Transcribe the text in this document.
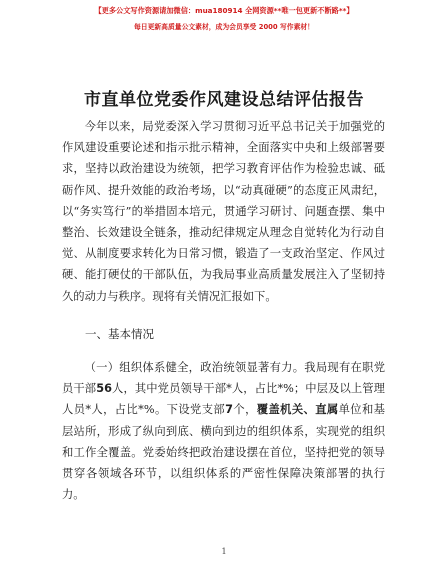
【更多公文写作资源请加微信：mua180914 全网资源**唯一包更新不断路**】
每日更新高质量公文素材，成为会员享受 2000 写作素材！
市直单位党委作风建设总结评估报告

今年以来，局党委深入学习贯彻习近平总书记关于加强党的作风建设重要论述和指示批示精神，全面落实中央和上级部署要求，坚持以政治建设为统领，把学习教育评估作为检验忠诚、砥砺作风、提升效能的政治考场，以“动真碰硬”的态度正风肃纪，以“务实笃行”的举措固本培元，贯通学习研讨、问题查摆、集中整治、长效建设全链条，推动纪律规定从理念自觉转化为行动自觉、从制度要求转化为日常习惯，锻造了一支政治坚定、作风过硬、能打硬仗的干部队伍，为我局事业高质量发展注入了坚韧持久的动力与秩序。现将有关情况汇报如下。

一、基本情况

（一）组织体系健全，政治统领显著有力。我局现有在职党员干部56人，其中党员领导干部*人，占比*%；中层及以上管理人员*人，占比*%。下设党支部7个，覆盖机关、直属单位和基层站所，形成了纵向到底、横向到边的组织体系，实现党的组织和工作全覆盖。党委始终把政治建设摆在首位，坚持把党的领导贯穿各领域各环节，以组织体系的严密性保障决策部署的执行力。

1
